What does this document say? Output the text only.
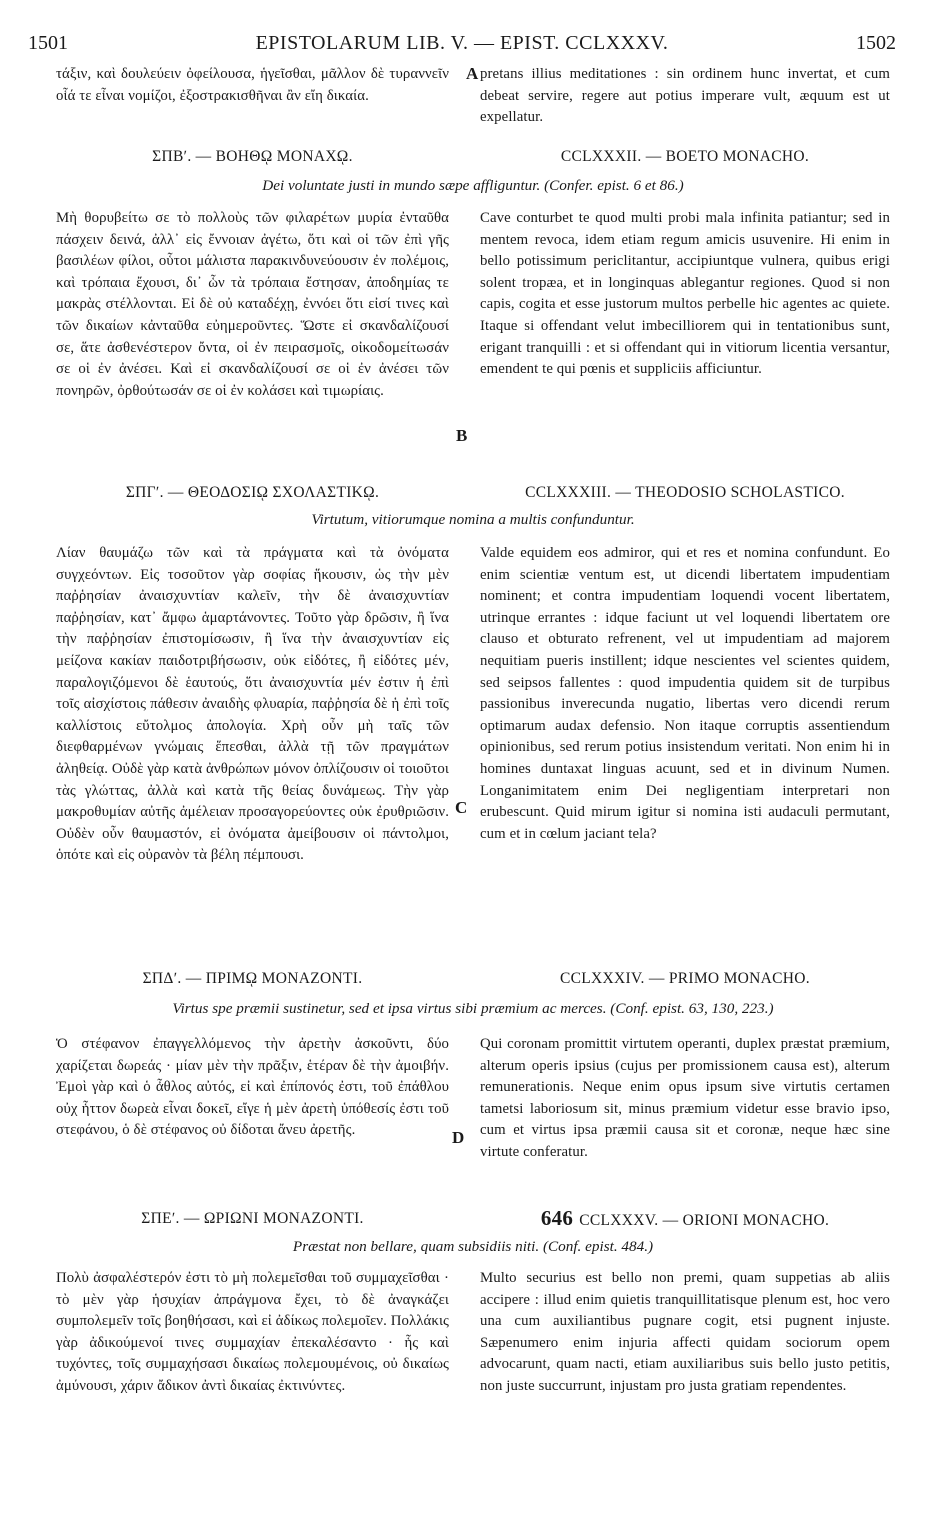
1501	EPISTOLARUM LIB. V. — EPIST. CCLXXXV.	1502
τάξιν, καὶ δουλεύειν ὀφείλουσα, ἡγεῖσθαι, μᾶλλον δὲ τυραννεῖν οἷά τε εἶναι νομίζοι, ἐξοστρακισθῆναι ἂν εἴη δικαία.
pretans illius meditationes : sin ordinem hunc invertat, et cum debeat servire, regere aut potius imperare vult, æquum est ut expellatur.
A
ΣΠΒʹ. — ΒΟΗΘῼ ΜΟΝΑΧῼ.	CCLXXXII. — BOETO MONACHO.
Dei voluntate justi in mundo sæpe affliguntur. (Confer. epist. 6 et 86.)
Μὴ θορυβείτω σε τὸ πολλοὺς τῶν φιλαρέτων μυρία ἐνταῦθα πάσχειν δεινά, ἀλλ᾽ εἰς ἔννοιαν ἀγέτω, ὅτι καὶ οἱ τῶν ἐπὶ γῆς βασιλέων φίλοι, οὗτοι μάλιστα παρακινδυνεύουσιν ἐν πολέμοις, καὶ τρόπαια ἔχουσι, δι᾽ ὧν τὰ τρόπαια ἔστησαν, ἀποδημίας τε μακρὰς στέλλονται. Εἰ δὲ οὐ καταδέχῃ, ἐννόει ὅτι εἰσί τινες καὶ τῶν δικαίων κἀνταῦθα εὐημεροῦντες. Ὥστε εἰ σκανδαλίζουσί σε, ἅτε ἀσθενέστερον ὄντα, οἱ ἐν πειρασμοῖς, οἰκοδομείτωσάν σε οἱ ἐν ἀνέσει. Καὶ εἰ σκανδαλίζουσί σε οἱ ἐν ἀνέσει τῶν πονηρῶν, ὀρθούτωσάν σε οἱ ἐν κολάσει καὶ τιμωρίαις.
Cave conturbet te quod multi probi mala infinita patiantur; sed in mentem revoca, idem etiam regum amicis usuvenire. Hi enim in bello potissimum periclitantur, accipiuntque vulnera, quibus erigi solent tropæa, et in longinquas ablegantur regiones. Quod si non capis, cogita et esse justorum multos perbelle hic agentes ac quiete. Itaque si offendant velut imbecilliorem qui in tentationibus sunt, erigant tranquilli : et si offendant qui in vitiorum licentia versantur, emendent te qui pœnis et suppliciis afficiuntur.
B
ΣΠΓʹ. — ΘΕΟΔΟΣΙῼ ΣΧΟΛΑΣΤΙΚῼ.	CCLXXXIII. — THEODOSIO SCHOLASTICO.
Virtutum, vitiorumque nomina a multis confunduntur.
Λίαν θαυμάζω τῶν καὶ τὰ πράγματα καὶ τὰ ὀνόματα συγχεόντων. Εἰς τοσοῦτον γὰρ σοφίας ἥκουσιν, ὡς τὴν μὲν παῤῥησίαν ἀναισχυντίαν καλεῖν, τὴν δὲ ἀναισχυντίαν παῤῥησίαν, κατ᾽ ἄμφω ἁμαρτάνοντες. Τοῦτο γὰρ δρῶσιν, ἢ ἵνα τὴν παῤῥησίαν ἐπιστομίσωσιν, ἢ ἵνα τὴν ἀναισχυντίαν εἰς μείζονα κακίαν παιδοτριβήσωσιν, οὐκ εἰδότες, ἢ εἰδότες μέν, παραλογιζόμενοι δὲ ἑαυτούς, ὅτι ἀναισχυντία μέν ἐστιν ἡ ἐπὶ τοῖς αἰσχίστοις πάθεσιν ἀναιδὴς φλυαρία, παῤῥησία δὲ ἡ ἐπὶ τοῖς καλλίστοις εὔτολμος ἀπολογία. Χρὴ οὖν μὴ ταῖς τῶν διεφθαρμένων γνώμαις ἕπεσθαι, ἀλλὰ τῇ τῶν πραγμάτων ἀληθείᾳ. Οὐδὲ γὰρ κατὰ ἀνθρώπων μόνον ὀπλίζουσιν οἱ τοιοῦτοι τὰς γλώττας, ἀλλὰ καὶ κατὰ τῆς θείας δυνάμεως. Τὴν γὰρ μακροθυμίαν αὐτῆς ἀμέλειαν προσαγορεύοντες οὐκ ἐρυθριῶσιν. Οὐδὲν οὖν θαυμαστόν, εἰ ὀνόματα ἀμείβουσιν οἱ πάντολμοι, ὁπότε καὶ εἰς οὐρανὸν τὰ βέλη πέμπουσι.
Valde equidem eos admiror, qui et res et nomina confundunt. Eo enim scientiæ ventum est, ut dicendi libertatem impudentiam nominent; et contra impudentiam loquendi vocent libertatem, utrinque errantes : idque faciunt ut vel loquendi libertatem ore clauso et obturato refrenent, vel ut impudentiam ad majorem nequitiam pueris instillent; idque nescientes vel scientes quidem, sed seipsos fallentes : quod impudentia quidem sit de turpibus passionibus inverecunda nugatio, libertas vero dicendi rerum optimarum audax defensio. Non itaque corruptis assentiendum opinionibus, sed rerum potius insistendum veritati. Non enim hi in homines duntaxat linguas acuunt, sed et in divinum Numen. Longanimitatem enim Dei negligentiam interpretari non erubescunt. Quid mirum igitur si nomina isti audaculi permutant, cum et in cœlum jaciant tela?
C
ΣΠΔʹ. — ΠΡΙΜῼ ΜΟΝΑΖΟΝΤΙ.	CCLXXXIV. — PRIMO MONACHO.
Virtus spe præmii sustinetur, sed et ipsa virtus sibi præmium ac merces. (Conf. epist. 63, 130, 223.)
Ὁ στέφανον ἐπαγγελλόμενος τὴν ἀρετὴν ἀσκοῦντι, δύο χαρίζεται δωρεάς · μίαν μὲν τὴν πρᾶξιν, ἑτέραν δὲ τὴν ἀμοιβήν. Ἐμοὶ γὰρ καὶ ὁ ἆθλος αὐτός, εἰ καὶ ἐπίπονός ἐστι, τοῦ ἐπάθλου οὐχ ἧττον δωρεὰ εἶναι δοκεῖ, εἴγε ἡ μὲν ἀρετὴ ὑπόθεσίς ἐστι τοῦ στεφάνου, ὁ δὲ στέφανος οὐ δίδοται ἄνευ ἀρετῆς.
Qui coronam promittit virtutem operanti, duplex præstat præmium, alterum operis ipsius (cujus per promissionem causa est), alterum remunerationis. Neque enim opus ipsum sive virtutis certamen tametsi laboriosum sit, minus præmium videtur esse bravio ipso, cum et virtus ipsa præmii causa sit et coronæ, neque hæc sine virtute conferatur.
D
ΣΠΕʹ. — ΩΡΙΩΝΙ ΜΟΝΑΖΟΝΤΙ.	646 CCLXXXV. — ORIONI MONACHO.
Præstat non bellare, quam subsidiis niti. (Conf. epist. 484.)
Πολὺ ἀσφαλέστερόν ἐστι τὸ μὴ πολεμεῖσθαι τοῦ συμμαχεῖσθαι · τὸ μὲν γὰρ ἡσυχίαν ἀπράγμονα ἔχει, τὸ δὲ ἀναγκάζει συμπολεμεῖν τοῖς βοηθήσασι, καὶ εἰ ἀδίκως πολεμοῖεν. Πολλάκις γὰρ ἀδικούμενοί τινες συμμαχίαν ἐπεκαλέσαντο · ἧς καὶ τυχόντες, τοῖς συμμαχήσασι δικαίως πολεμουμένοις, οὐ δικαίως ἀμύνουσι, χάριν ἄδικον ἀντὶ δικαίας ἐκτινύντες.
Multo securius est bello non premi, quam suppetias ab aliis accipere : illud enim quietis tranquillitatisque plenum est, hoc vero una cum auxiliantibus pugnare cogit, etsi pugnent injuste. Sæpenumero enim injuria affecti quidam sociorum opem advocarunt, quam nacti, etiam auxiliaribus suis bello justo petitis, non juste succurrunt, injustam pro justa gratiam rependentes.
